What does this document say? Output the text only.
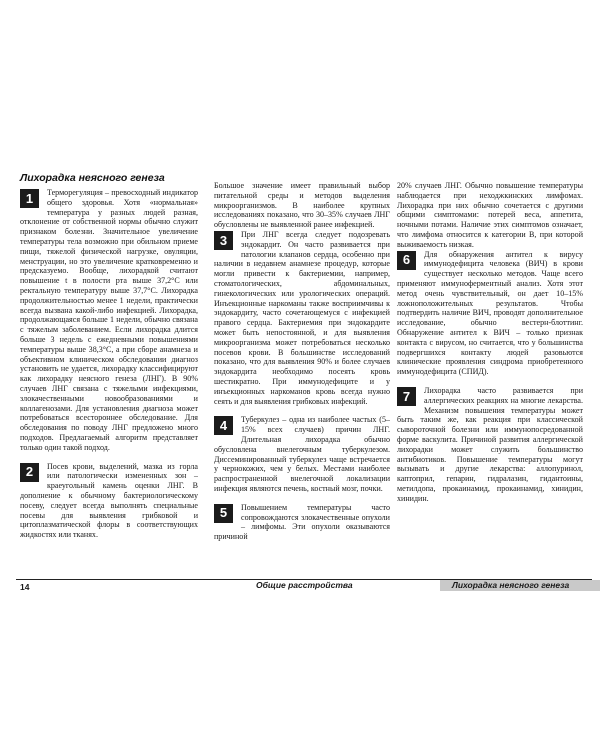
Лихорадка неясного генеза
1	Терморегуляция – превосходный индикатор общего здоровья. Хотя «нормальная» температура у разных людей разная, отклонение от собственной нормы обычно служит признаком болезни. Значительное увеличение температуры тела возможно при обильном приеме пищи, тяжелой физической нагрузке, овуляции, менструации, но это увеличение кратковременно и предсказуемо. Вообще, лихорадкой считают повышение t в полости рта выше 37,2°С или ректальную температуру выше 37,7°С. Лихорадка продолжительностью менее 1 недели, практически всегда вызвана какой-либо инфекцией. Лихорадка, продолжающаяся больше 1 недели, обычно связана с тяжелым заболеванием. Если лихорадка длится больше 3 недель с ежедневными повышениями температуры выше 38,3°С, а при сборе анамнеза и объективном клиническом обследовании диагноз установить не удается, лихорадку классифицируют как лихорадку неясного генеза (ЛНГ). В 90% случаев ЛНГ связана с тяжелыми инфекциями, злокачественными новообразованиями и коллагенозами. Для установления диагноза может потребоваться всестороннее обследование. Для обследования по поводу ЛНГ предложено много подходов. Предлагаемый алгоритм представляет только один такой подход.
2	Посев крови, выделений, мазка из горла или патологически измененных зон – краеугольный камень оценки ЛНГ. В дополнение к обычному бактериологическому посеву, следует всегда выполнять специальные посевы для выявления грибковой и цитоплазматической флоры в соответствующих жидкостях или тканях.

Большое значение имеет правильный выбор питательной среды и методов выделения микроорганизмов. В наиболее крупных исследованиях показано, что 30–35% случаев ЛНГ обусловлены не выявленной ранее инфекцией.

3	При ЛНГ всегда следует подозревать эндокардит. Он часто развивается при патологии клапанов сердца, особенно при наличии в недавнем анамнезе процедур, которые могли привести к бактериемии, например, стоматологических, абдоминальных, гинекологических или урологических операций. Инъекционные наркоманы также восприимчивы к эндокардиту, часто сочетающемуся с инфекцией правого сердца. Бактериемия при эндокардите может быть непостоянной, и для выявления микроорганизма может потребоваться несколько посевов крови. В большинстве исследований показано, что для выявления 90% и более случаев эндокардита необходимо посеять кровь шестикратно. При иммунодефиците и у инъекционных наркоманов кровь всегда нужно сеять и для выявления грибковых инфекций.
4	Туберкулез – одна из наиболее частых (5–15% всех случаев) причин ЛНГ. Длительная лихорадка обычно обусловлена внелегочным туберкулезом. Диссеминированный туберкулез чаще встречается у чернокожих, чем у белых. Местами наиболее распространенной внелегочной локализации инфекция являются печень, костный мозг, почки.
5	Повышением температуры часто сопровождаются злокачественные опухоли – лимфомы. Эти опухоли оказываются причиной

20% случаев ЛНГ. Обычно повышение температуры наблюдается при неходжкинских лимфомах. Лихорадка при них обычно сочетается с другими общими симптомами: потерей веса, аппетита, ночными потами. Наличие этих симптомов означает, что лимфома относится к категории В, при которой выживаемость низкая.

6	Для обнаружения антител к вирусу иммунодефицита человека (ВИЧ) в крови существует несколько методов. Чаще всего применяют иммуноферментный анализ. Хотя этот метод очень чувствительный, он дает 10–15% ложноположительных результатов. Чтобы подтвердить наличие ВИЧ, проводят дополнительное исследование, обычно вестерн-блоттинг. Обнаружение антител к ВИЧ – только признак контакта с вирусом, но считается, что у большинства подвергшихся контакту людей разовьются клинические проявления синдрома приобретенного иммунодефицита (СПИД).
7	Лихорадка часто развивается при аллергических реакциях на многие лекарства. Механизм повышения температуры может быть таким же, как реакция при классической сывороточной болезни или иммунопосредованной форме васкулита. Причиной развития аллергической лихорадки может служить большинство антибиотиков. Повышение температуры могут вызывать и другие лекарства: аллопуринол, каптоприл, гепарин, гидралазин, гидантоины, метилдопа, прокаинамид, прокаинамид, хинидин, хинидин.
14	Общие расстройства	Лихорадка неясного генеза
